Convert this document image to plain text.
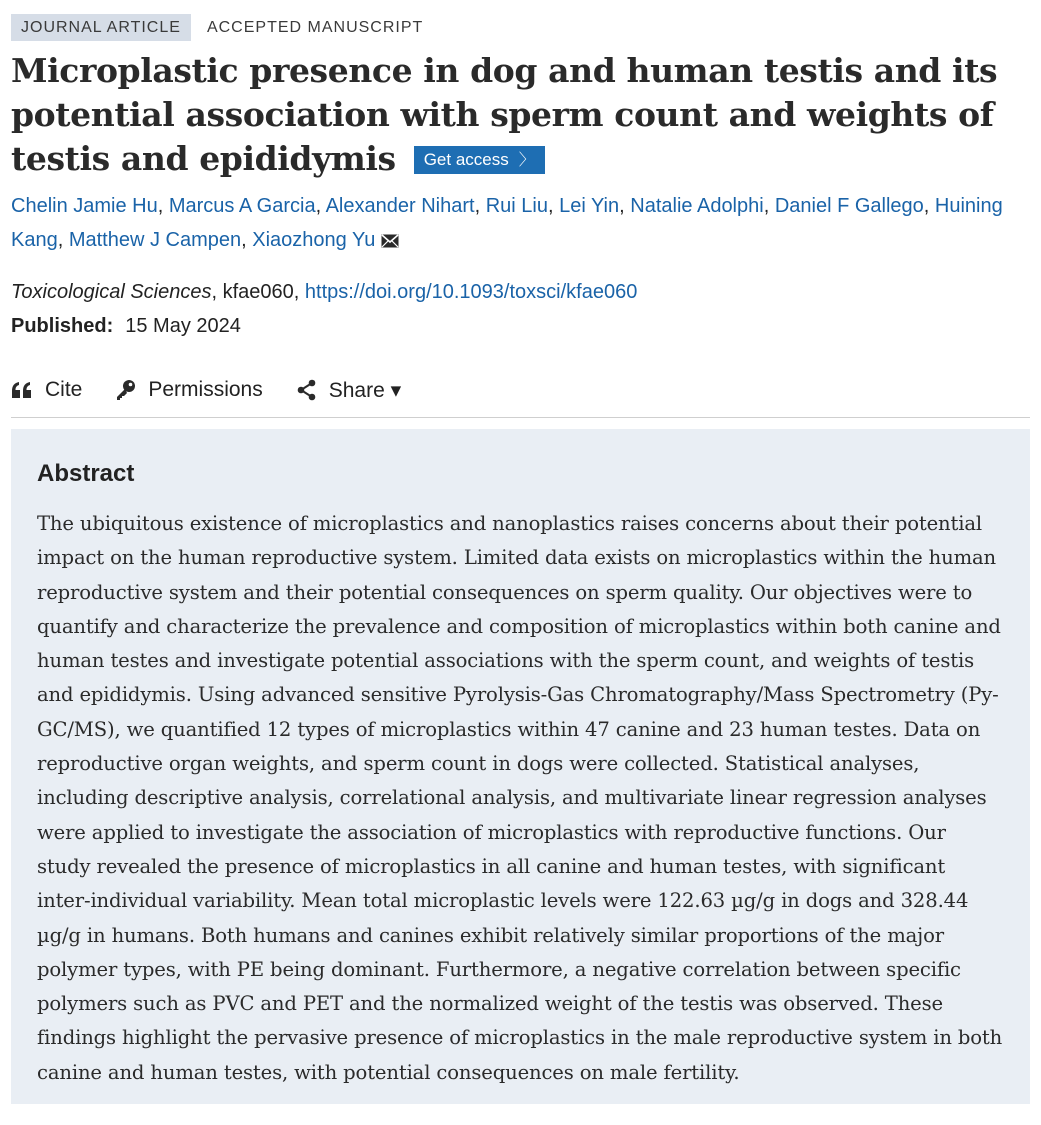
JOURNAL ARTICLE	ACCEPTED MANUSCRIPT
Microplastic presence in dog and human testis and its potential association with sperm count and weights of testis and epididymis Get access 〉
Chelin Jamie Hu, Marcus A Garcia, Alexander Nihart, Rui Liu, Lei Yin, Natalie Adolphi, Daniel F Gallego, Huining Kang, Matthew J Campen, Xiaozhong Yu
Toxicological Sciences, kfae060, https://doi.org/10.1093/toxsci/kfae060
Published: 15 May 2024
Cite	Permissions	Share ▾
Abstract

The ubiquitous existence of microplastics and nanoplastics raises concerns about their potential impact on the human reproductive system. Limited data exists on microplastics within the human reproductive system and their potential consequences on sperm quality. Our objectives were to quantify and characterize the prevalence and composition of microplastics within both canine and human testes and investigate potential associations with the sperm count, and weights of testis and epididymis. Using advanced sensitive Pyrolysis-Gas Chromatography/Mass Spectrometry (Py-GC/MS), we quantified 12 types of microplastics within 47 canine and 23 human testes. Data on reproductive organ weights, and sperm count in dogs were collected. Statistical analyses, including descriptive analysis, correlational analysis, and multivariate linear regression analyses were applied to investigate the association of microplastics with reproductive functions. Our study revealed the presence of microplastics in all canine and human testes, with significant inter-individual variability. Mean total microplastic levels were 122.63 µg/g in dogs and 328.44 µg/g in humans. Both humans and canines exhibit relatively similar proportions of the major polymer types, with PE being dominant. Furthermore, a negative correlation between specific polymers such as PVC and PET and the normalized weight of the testis was observed. These findings highlight the pervasive presence of microplastics in the male reproductive system in both canine and human testes, with potential consequences on male fertility.
